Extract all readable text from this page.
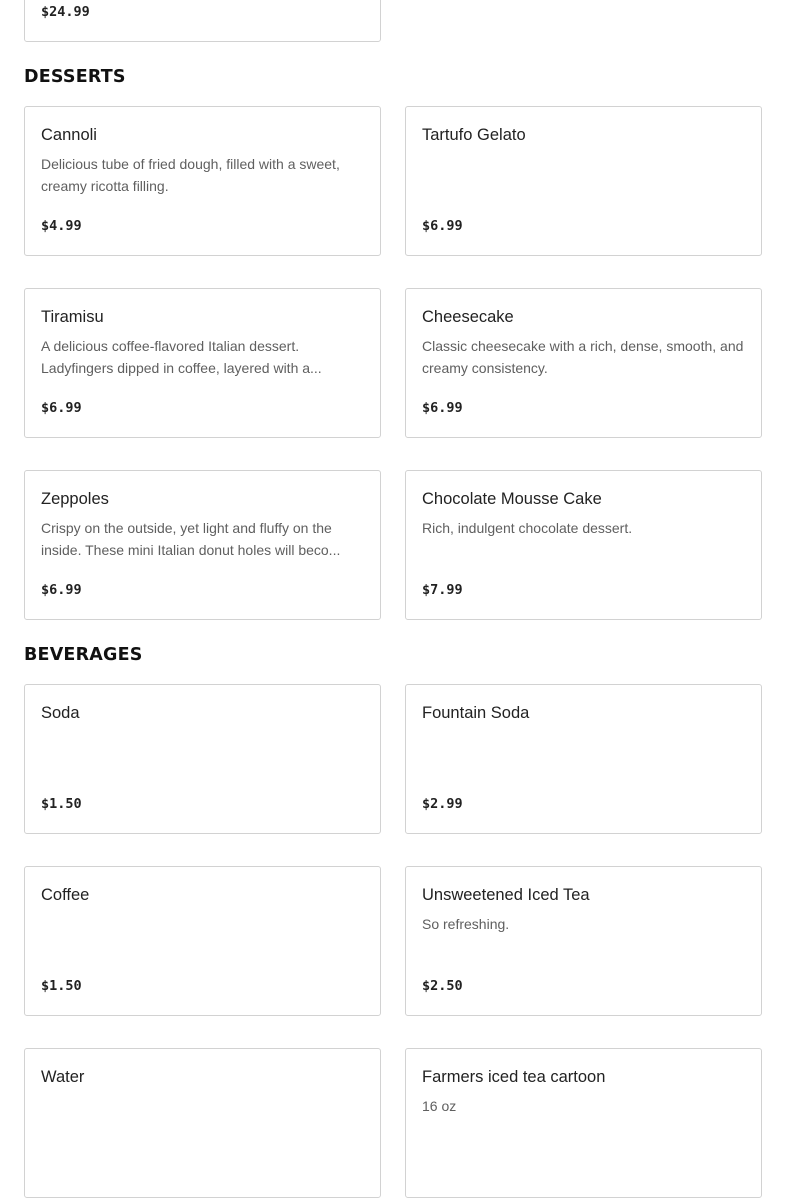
$24.99
DESSERTS
Cannoli
Delicious tube of fried dough, filled with a sweet, creamy ricotta filling.
$4.99
Tartufo Gelato
$6.99
Tiramisu
A delicious coffee-flavored Italian dessert. Ladyfingers dipped in coffee, layered with a...
$6.99
Cheesecake
Classic cheesecake with a rich, dense, smooth, and creamy consistency.
$6.99
Zeppoles
Crispy on the outside, yet light and fluffy on the inside. These mini Italian donut holes will beco...
$6.99
Chocolate Mousse Cake
Rich, indulgent chocolate dessert.
$7.99
BEVERAGES
Soda
$1.50
Fountain Soda
$2.99
Coffee
$1.50
Unsweetened Iced Tea
So refreshing.
$2.50
Water	Farmers iced tea cartoon
16 oz
